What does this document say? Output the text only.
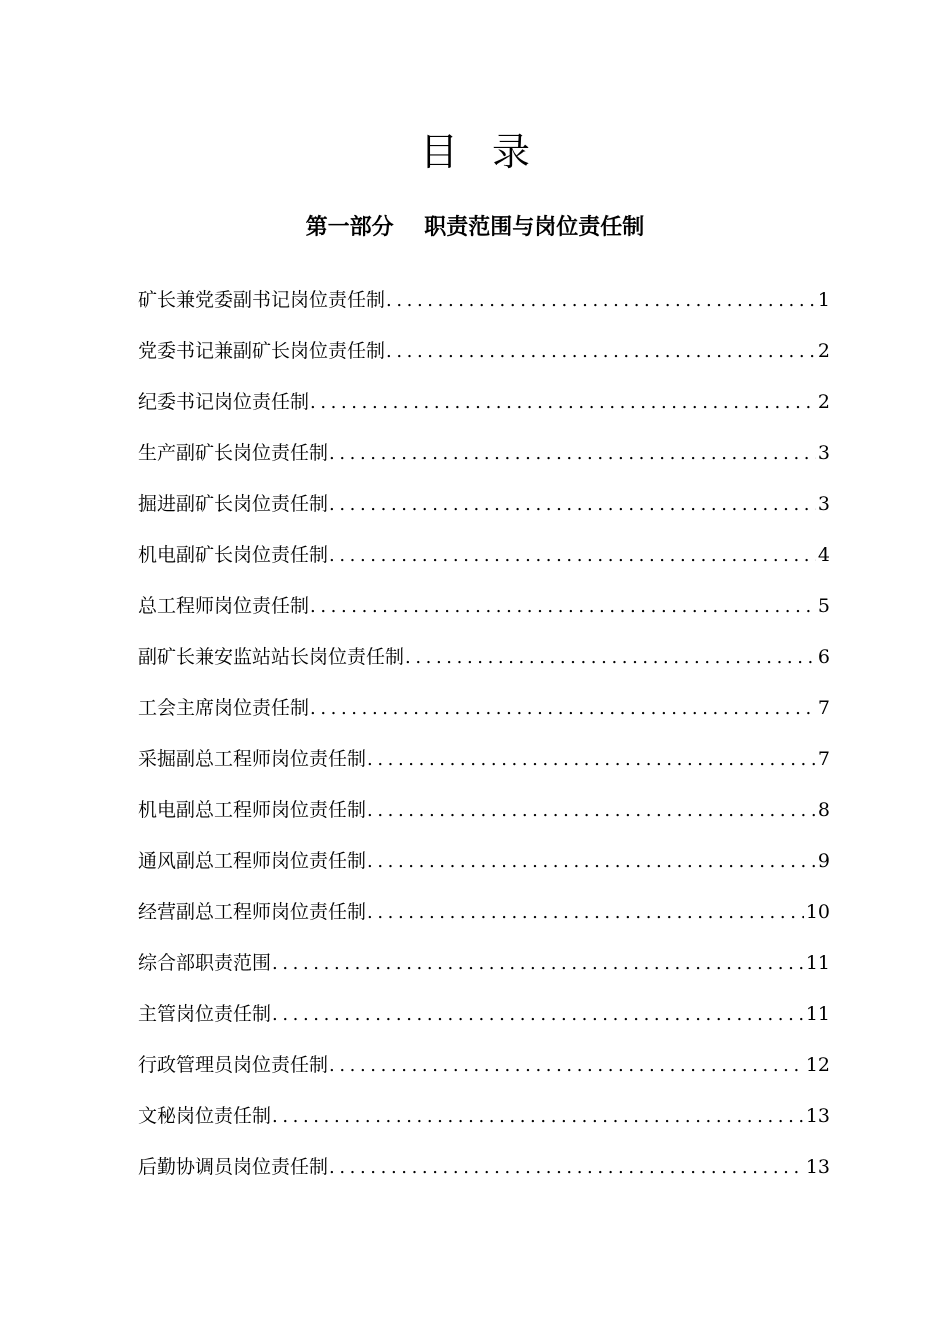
目录
第一部分    职责范围与岗位责任制
矿长兼党委副书记岗位责任制 .....	1
党委书记兼副矿长岗位责任制 .....	2
纪委书记岗位责任制 .....	2
生产副矿长岗位责任制 .....	3
掘进副矿长岗位责任制 .....	3
机电副矿长岗位责任制 .....	4
总工程师岗位责任制 .....	5
副矿长兼安监站站长岗位责任制 .....	6
工会主席岗位责任制 .....	7
采掘副总工程师岗位责任制 .....	7
机电副总工程师岗位责任制 .....	8
通风副总工程师岗位责任制 .....	9
经营副总工程师岗位责任制 .....	10
综合部职责范围 .....	11
主管岗位责任制 .....	11
行政管理员岗位责任制 .....	12
文秘岗位责任制 .....	13
后勤协调员岗位责任制 .....	13
